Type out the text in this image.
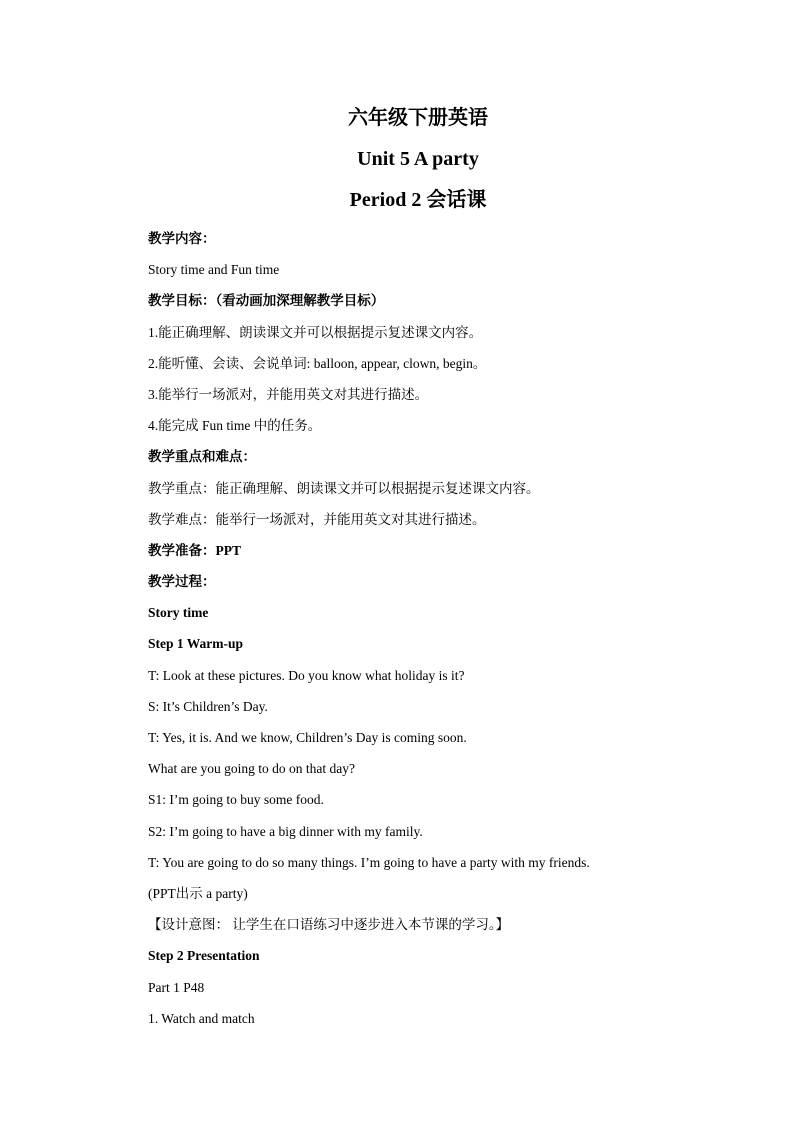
六年级下册英语
Unit 5 A party
Period 2 会话课
教学内容：
Story time and Fun time
教学目标：（看动画加深理解教学目标）
1.能正确理解、朗读课文并可以根据提示复述课文内容。
2.能听懂、会读、会说单词: balloon, appear, clown, begin。
3.能举行一场派对，并能用英文对其进行描述。
4.能完成 Fun time 中的任务。
教学重点和难点：
教学重点：能正确理解、朗读课文并可以根据提示复述课文内容。
教学难点：能举行一场派对，并能用英文对其进行描述。
教学准备：PPT
教学过程：
Story time
Step 1 Warm-up
T: Look at these pictures. Do you know what holiday is it?
S: It’s Children’s Day.
T: Yes, it is. And we know, Children’s Day is coming soon.
What are you going to do on that day?
S1: I’m going to buy some food.
S2: I’m going to have a big dinner with my family.
T: You are going to do so many things. I’m going to have a party with my friends.
(PPT出示 a party)
【设计意图： 让学生在口语练习中逐步进入本节课的学习。】
Step 2 Presentation
Part 1 P48
1. Watch and match
